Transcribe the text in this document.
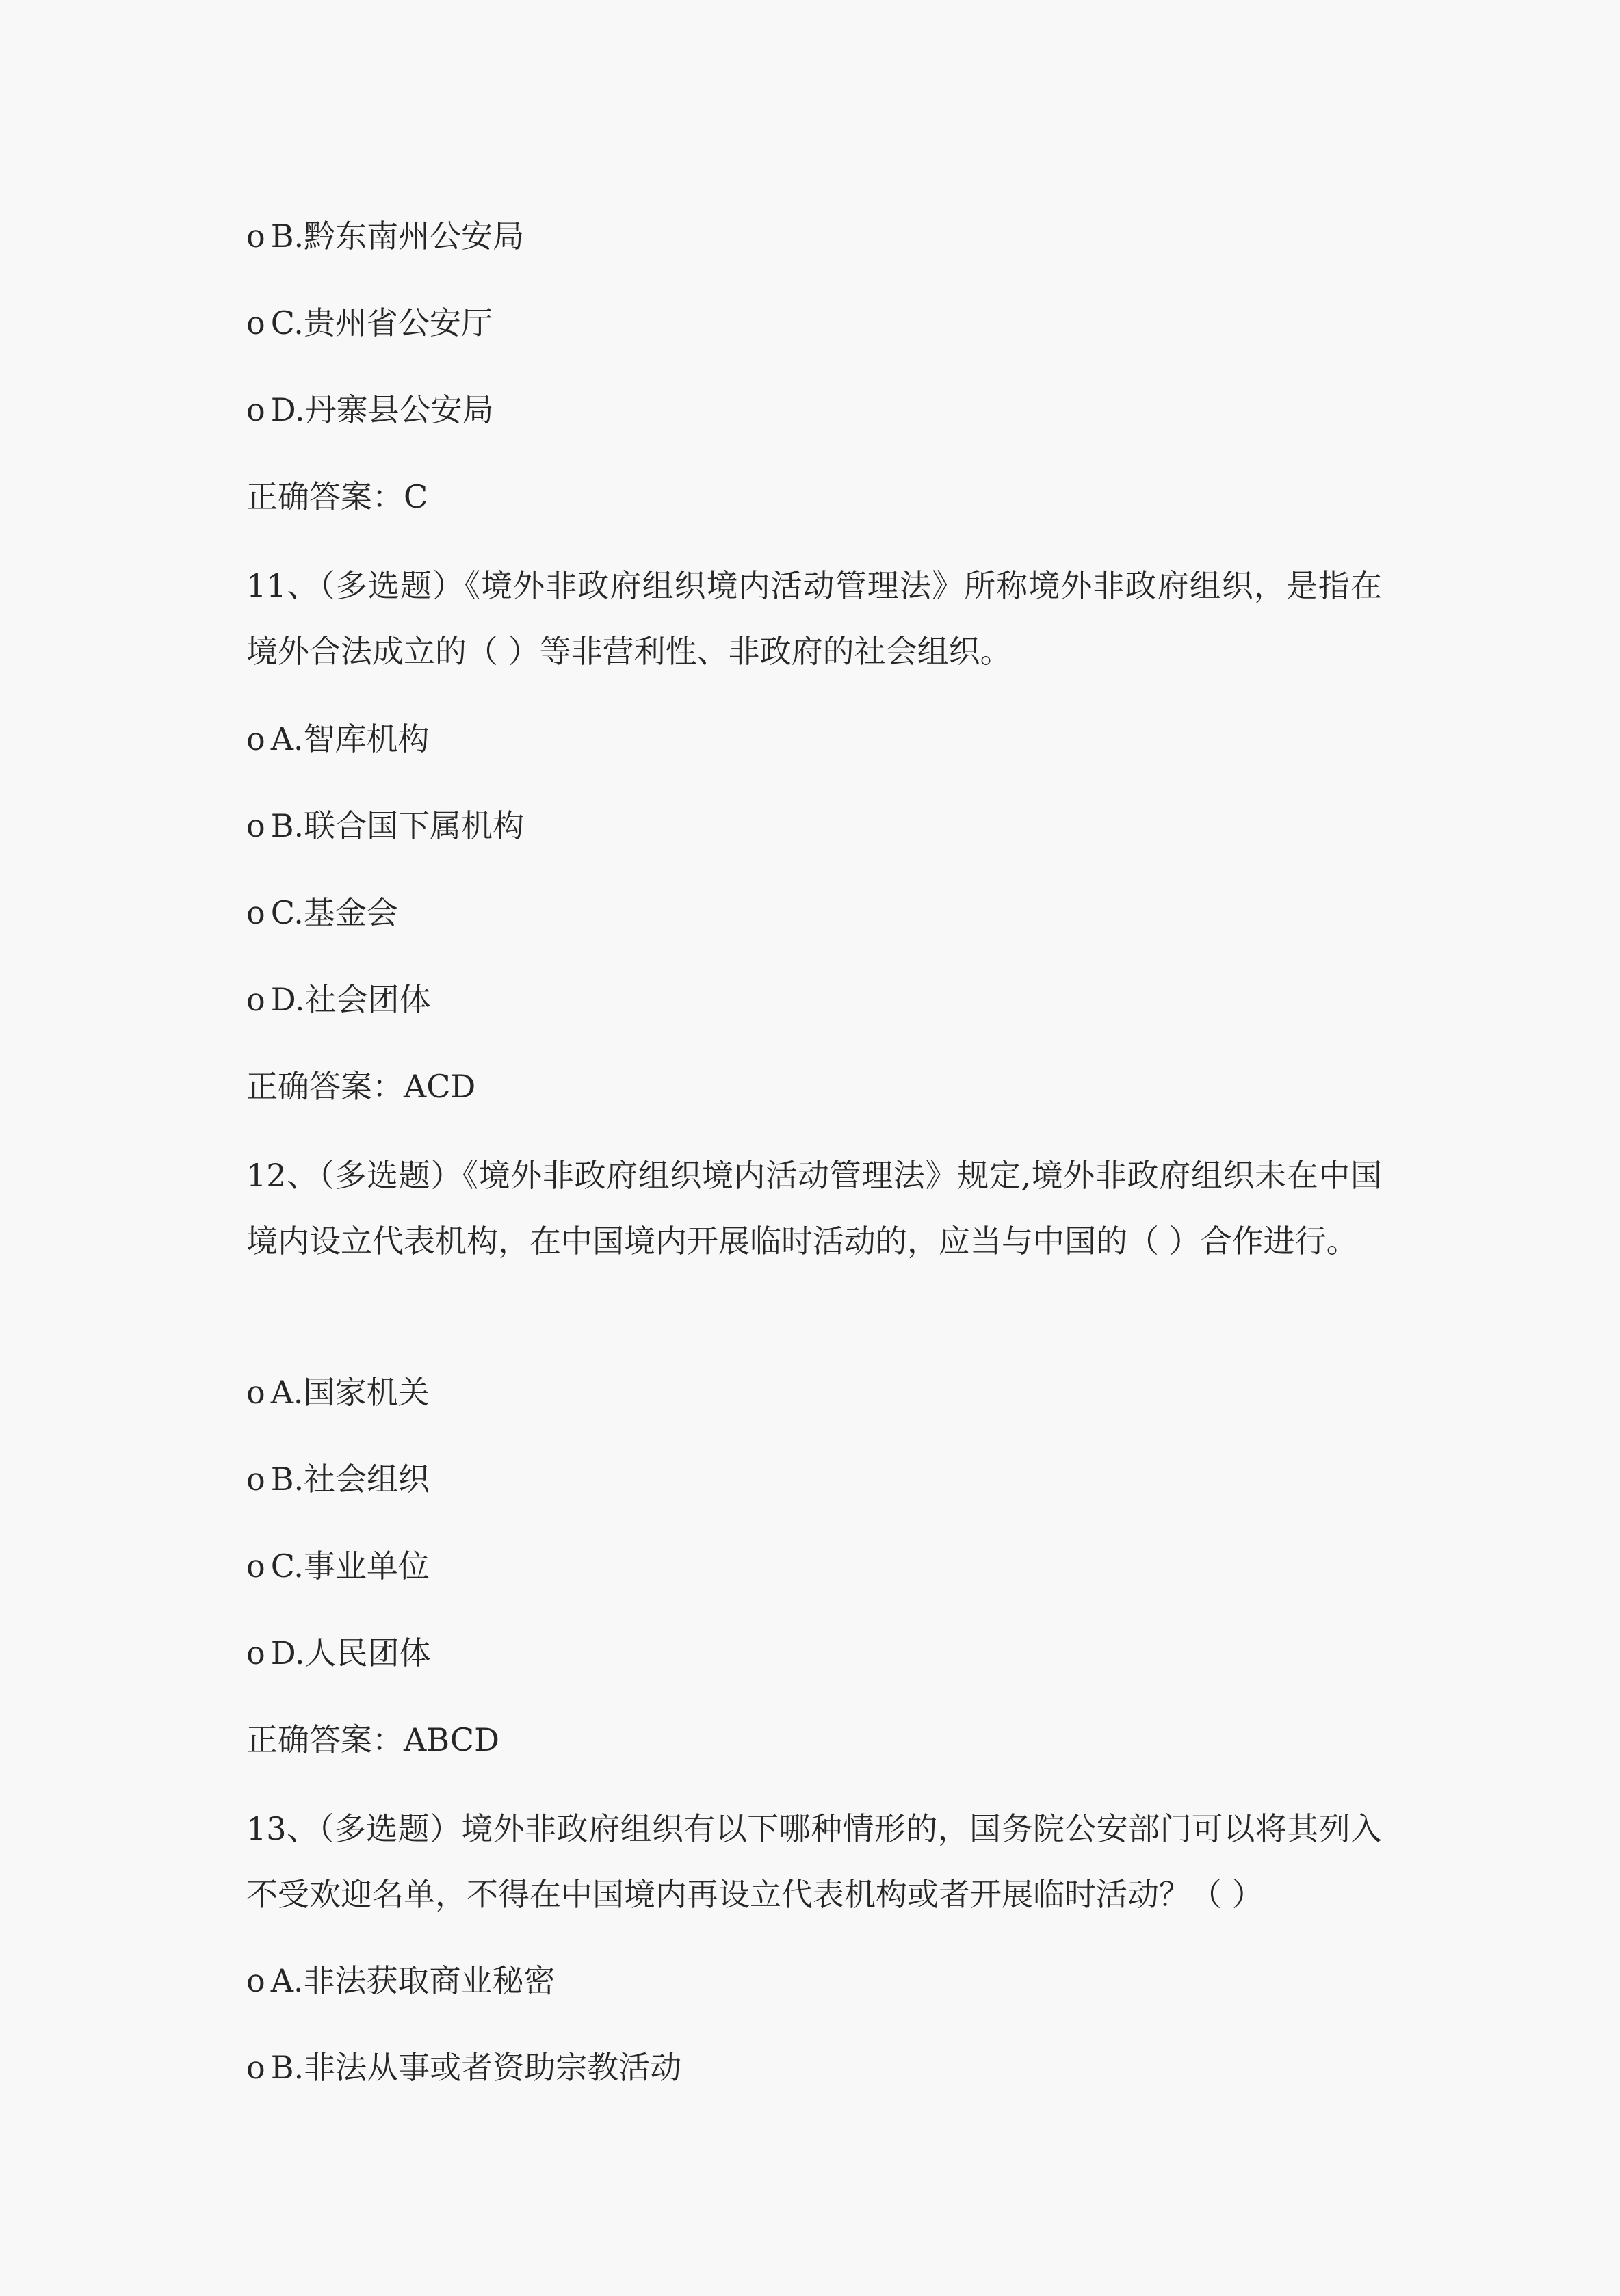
o B.黔东南州公安局
o C.贵州省公安厅
o D.丹寨县公安局
正确答案：C
11、（多选题）《境外非政府组织境内活动管理法》所称境外非政府组织，是指在境外合法成立的（ ）等非营利性、非政府的社会组织。
o A.智库机构
o B.联合国下属机构
o C.基金会
o D.社会团体
正确答案：ACD
12、（多选题）《境外非政府组织境内活动管理法》规定,境外非政府组织未在中国境内设立代表机构，在中国境内开展临时活动的，应当与中国的（ ）合作进行。
o A.国家机关
o B.社会组织
o C.事业单位
o D.人民团体
正确答案：ABCD
13、（多选题）境外非政府组织有以下哪种情形的，国务院公安部门可以将其列入不受欢迎名单，不得在中国境内再设立代表机构或者开展临时活动？（ ）
o A.非法获取商业秘密
o B.非法从事或者资助宗教活动
